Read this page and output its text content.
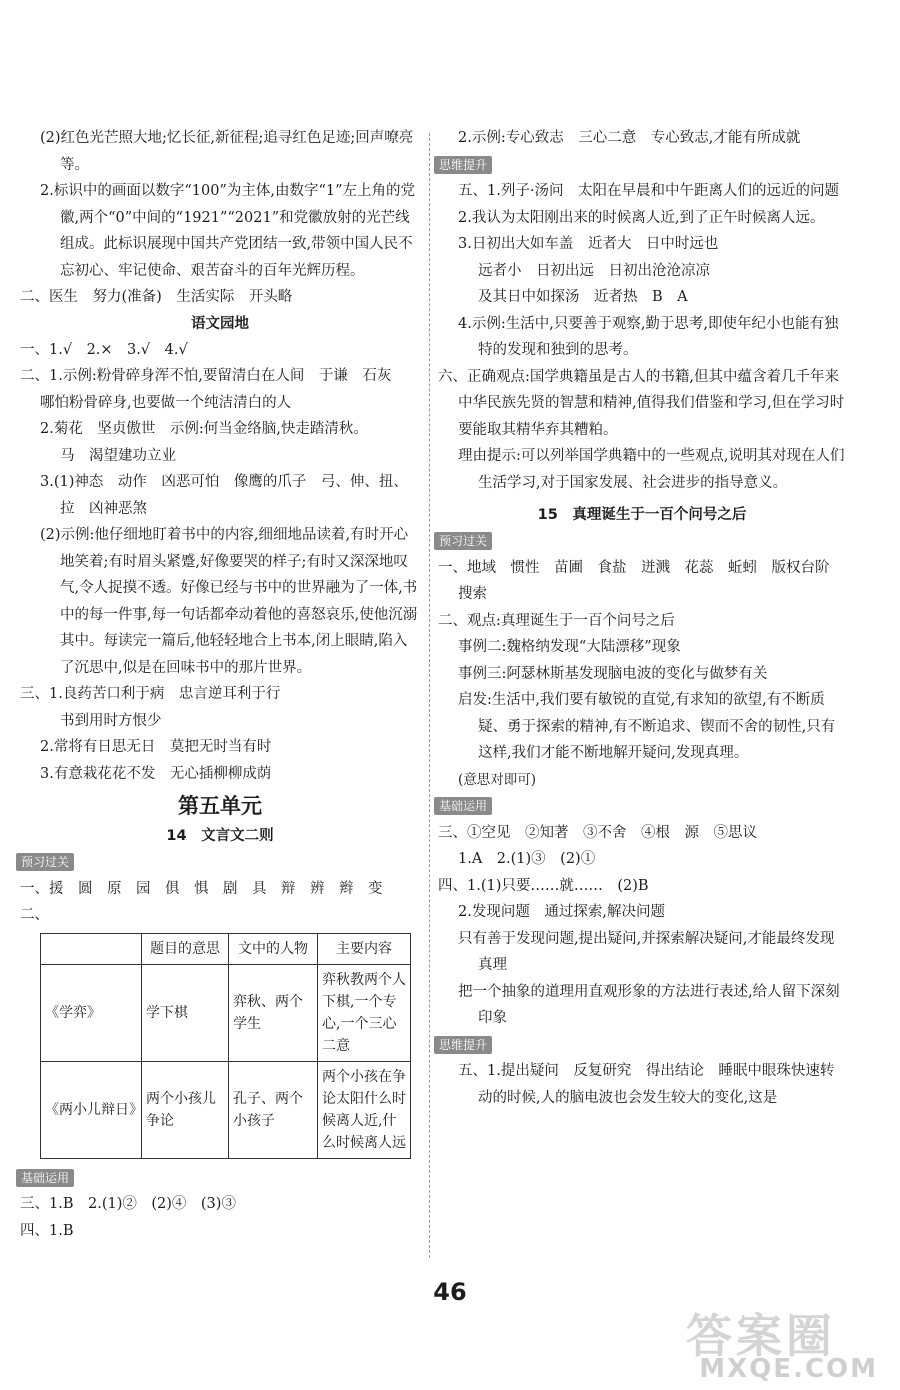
(2)红色光芒照大地;忆长征,新征程;追寻红色足迹;回声嘹亮等。

2.标识中的画面以数字“100”为主体,由数字“1”左上角的党徽,两个“0”中间的“1921”“2021”和党徽放射的光芒线组成。此标识展现中国共产党团结一致,带领中国人民不忘初心、牢记使命、艰苦奋斗的百年光辉历程。

二、医生　努力(准备)　生活实际　开头略

语文园地

一、1.√　2.×　3.√　4.√

二、1.示例:粉骨碎身浑不怕,要留清白在人间　于谦　石灰　哪怕粉骨碎身,也要做一个纯洁清白的人

2.菊花　坚贞傲世　示例:何当金络脑,快走踏清秋。

马　渴望建功立业

3.(1)神态　动作　凶恶可怕　像鹰的爪子　弓、伸、扭、拉　凶神恶煞

(2)示例:他仔细地盯着书中的内容,细细地品读着,有时开心地笑着;有时眉头紧蹙,好像要哭的样子;有时又深深地叹气,令人捉摸不透。好像已经与书中的世界融为了一体,书中的每一件事,每一句话都牵动着他的喜怒哀乐,使他沉溺其中。每读完一篇后,他轻轻地合上书本,闭上眼睛,陷入了沉思中,似是在回味书中的那片世界。

三、1.良药苦口利于病　忠言逆耳利于行

书到用时方恨少

2.常将有日思无日　莫把无时当有时

3.有意栽花花不发　无心插柳柳成荫

第五单元

14　文言文二则

预习过关

一、援　圆　原　园　俱　惧　剧　具　辩　辨　辫　变

二、

	题目的意思	文中的人物	主要内容
《学弈》	学下棋	弈秋、两个学生	弈秋教两个人下棋,一个专心,一个三心二意
《两小儿辩日》	两个小孩儿争论	孔子、两个小孩子	两个小孩在争论太阳什么时候离人近,什么时候离人远
基础运用

三、1.B　2.(1)②　(2)④　(3)③

四、1.B

2.示例:专心致志　三心二意　专心致志,才能有所成就

思维提升

五、1.列子·汤问　太阳在早晨和中午距离人们的远近的问题

2.我认为太阳刚出来的时候离人近,到了正午时候离人远。

3.日初出大如车盖　近者大　日中时远也

远者小　日初出远　日初出沧沧凉凉

及其日中如探汤　近者热　B　A

4.示例:生活中,只要善于观察,勤于思考,即使年纪小也能有独特的发现和独到的思考。

六、正确观点:国学典籍虽是古人的书籍,但其中蕴含着几千年来中华民族先贤的智慧和精神,值得我们借鉴和学习,但在学习时要能取其精华弃其糟粕。

理由提示:可以列举国学典籍中的一些观点,说明其对现在人们生活学习,对于国家发展、社会进步的指导意义。

15　真理诞生于一百个问号之后

预习过关

一、地域　惯性　苗圃　食盐　迸溅　花蕊　蚯蚓　版权台阶　搜索

二、观点:真理诞生于一百个问号之后

事例二:魏格纳发现“大陆漂移”现象

事例三:阿瑟林斯基发现脑电波的变化与做梦有关

启发:生活中,我们要有敏锐的直觉,有求知的欲望,有不断质疑、勇于探索的精神,有不断追求、锲而不舍的韧性,只有这样,我们才能不断地解开疑问,发现真理。

(意思对即可)

基础运用

三、①空见　②知著　③不舍　④根　源　⑤思议

1.A　2.(1)③　(2)①

四、1.(1)只要……就……　(2)B

2.发现问题　通过探索,解决问题

只有善于发现问题,提出疑问,并探索解决疑问,才能最终发现真理

把一个抽象的道理用直观形象的方法进行表述,给人留下深刻印象

思维提升

五、1.提出疑问　反复研究　得出结论　睡眠中眼珠快速转动的时候,人的脑电波也会发生较大的变化,这是

46
答案圈
MXQE.COM
